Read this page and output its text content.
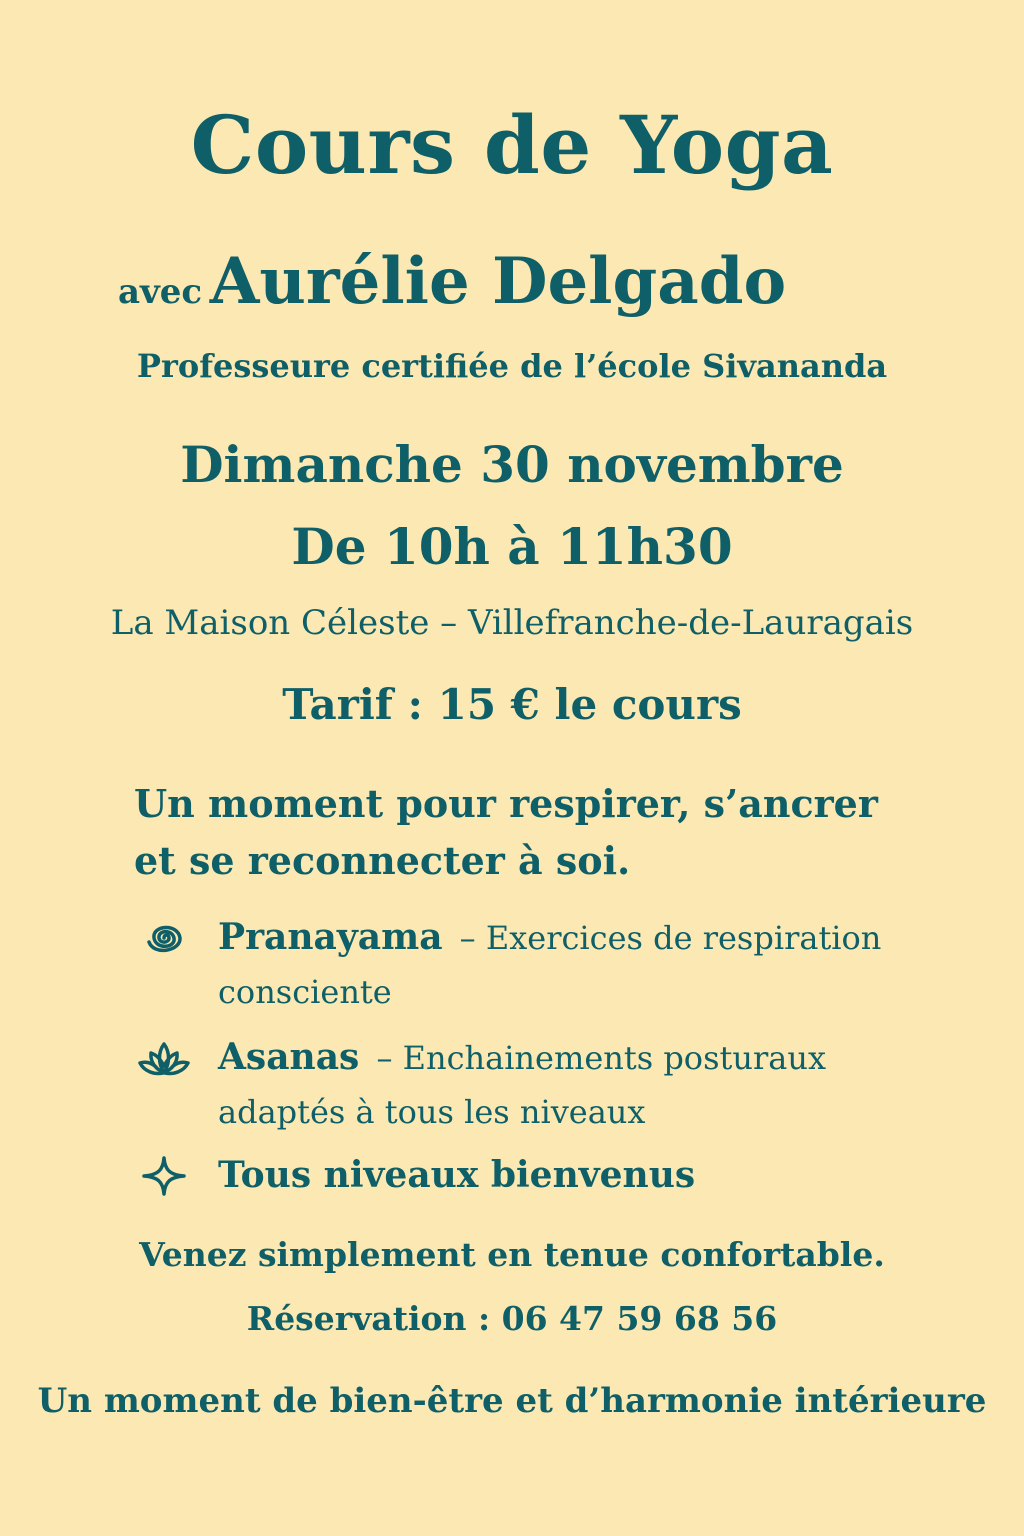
Cours de Yoga
avec Aurélie Delgado
Professeure certifiée de l’école Sivananda
Dimanche 30 novembre
De 10h à 11h30
La Maison Céleste – Villefranche-de-Lauragais
Tarif : 15 € le cours
Un moment pour respirer, s’ancrer et se reconnecter à soi.
Pranayama – Exercices de respiration consciente
Asanas – Enchainements posturaux adaptés à tous les niveaux
Tous niveaux bienvenus
Venez simplement en tenue confortable.
Réservation : 06 47 59 68 56
Un moment de bien-être et d’harmonie intérieure
